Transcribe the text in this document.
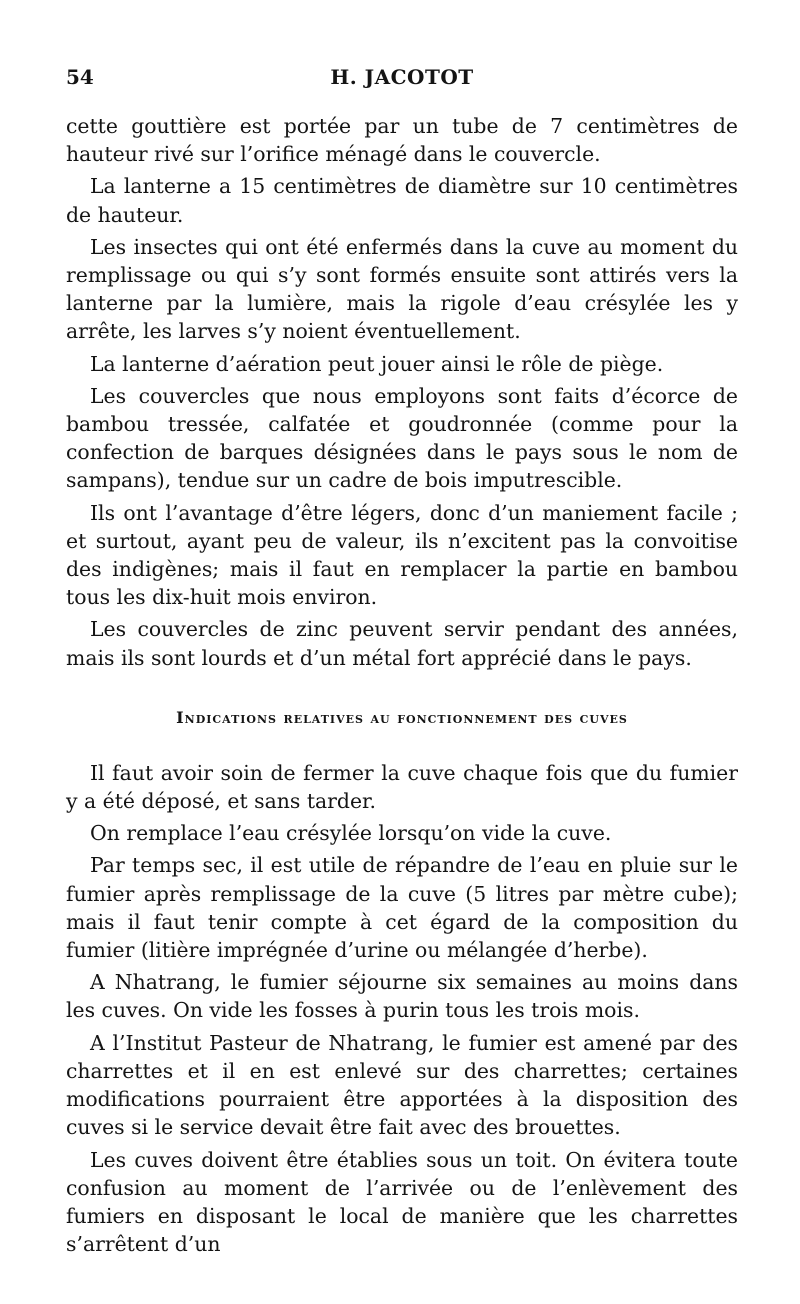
54	H. JACOTOT

cette gouttière est portée par un tube de 7 centimètres de hauteur rivé sur l’orifice ménagé dans le couvercle.

La lanterne a 15 centimètres de diamètre sur 10 centimètres de hauteur.

Les insectes qui ont été enfermés dans la cuve au moment du remplissage ou qui s’y sont formés ensuite sont attirés vers la lanterne par la lumière, mais la rigole d’eau crésylée les y arrête, les larves s’y noient éventuellement.

La lanterne d’aération peut jouer ainsi le rôle de piège.

Les couvercles que nous employons sont faits d’écorce de bambou tressée, calfatée et goudronnée (comme pour la confection de barques désignées dans le pays sous le nom de sampans), tendue sur un cadre de bois imputrescible.

Ils ont l’avantage d’être légers, donc d’un maniement facile ; et surtout, ayant peu de valeur, ils n’excitent pas la convoitise des indigènes; mais il faut en remplacer la partie en bambou tous les dix-huit mois environ.

Les couvercles de zinc peuvent servir pendant des années, mais ils sont lourds et d’un métal fort apprécié dans le pays.

Indications relatives au fonctionnement des cuves

Il faut avoir soin de fermer la cuve chaque fois que du fumier y a été déposé, et sans tarder.

On remplace l’eau crésylée lorsqu’on vide la cuve.

Par temps sec, il est utile de répandre de l’eau en pluie sur le fumier après remplissage de la cuve (5 litres par mètre cube); mais il faut tenir compte à cet égard de la composition du fumier (litière imprégnée d’urine ou mélangée d’herbe).

A Nhatrang, le fumier séjourne six semaines au moins dans les cuves. On vide les fosses à purin tous les trois mois.

A l’Institut Pasteur de Nhatrang, le fumier est amené par des charrettes et il en est enlevé sur des charrettes; certaines modifications pourraient être apportées à la disposition des cuves si le service devait être fait avec des brouettes.

Les cuves doivent être établies sous un toit. On évitera toute confusion au moment de l’arrivée ou de l’enlèvement des fumiers en disposant le local de manière que les charrettes s’arrêtent d’un
